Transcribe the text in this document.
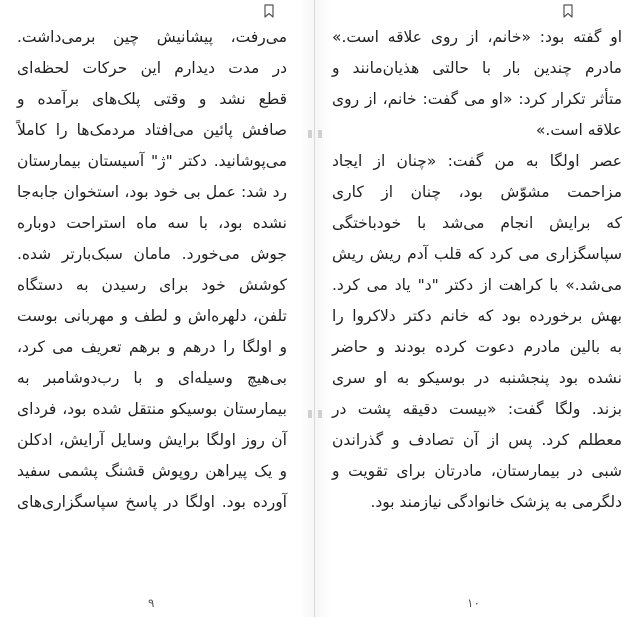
می‌رفت، پیشانیش چین برمی‌داشت.
در مدت دیدارم این حرکات لحظه‌ای
قطع نشد و وقتی پلک‌های برآمده و
صافش پائین می‌افتاد مردمک‌ها را کاملاً
می‌پوشانید. دکتر "ژ" آسیستان بیمارستان
رد شد: عمل بی خود بود، استخوان جابه‌جا
نشده بود، با سه ماه استراحت دوباره
جوش می‌خورد. مامان سبک‌بارتر شده.
کوشش خود برای رسیدن به دستگاه
تلفن، دلهره‌اش و لطف و مهربانی بوست
و اولگا را درهم و برهم تعریف می کرد،
بی‌هیچ وسیله‌ای و با رب‌دوشامبر به
بیمارستان بوسیکو منتقل شده بود، فردای
آن روز اولگا برایش وسایل آرایش، ادکلن
و یک پیراهن روپوش قشنگ پشمی سفید
آورده بود. اولگا در پاسخ سپاسگزاری‌های
۹
او گفته بود: «خانم، از روی علاقه است.»
مادرم چندین بار با حالتی هذیان‌مانند و
متأثر تکرار کرد: «او می گفت: خانم، از روی
علاقه است.»
عصر اولگا به من گفت: «چنان از ایجاد
مزاحمت مشوّش بود، چنان از کاری
که برایش انجام می‌شد با خودباختگی
سپاسگزاری می کرد که قلب آدم ریش ریش
می‌شد.» با کراهت از دکتر "د" یاد می کرد.
بهش برخورده بود که خانم دکتر دلاکروا را
به بالین مادرم دعوت کرده بودند و حاضر
نشده بود پنجشنبه در بوسیکو به او سری
بزند. ولگا گفت: «بیست دقیقه پشت در
معطلم کرد. پس از آن تصادف و گذراندن
شبی در بیمارستان، مادرتان برای تقویت و
دلگرمی به پزشک خانوادگی نیازمند بود.
۱۰
